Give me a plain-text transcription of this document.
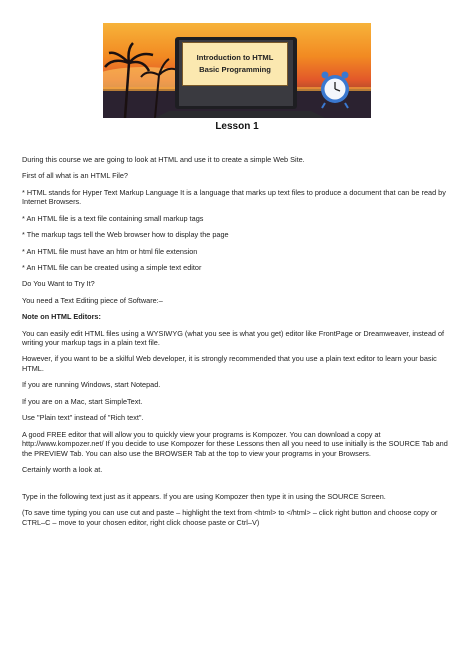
Introduction to HTML
Basic Programming
Lesson 1

During this course we are going to look at HTML and use it to create a simple Web Site.

First of all what is an HTML File?

* HTML stands for Hyper Text Markup Language It is a language that marks up text files to produce a document that can be read by Internet Browsers.

* An HTML file is a text file containing small markup tags

* The markup tags tell the Web browser how to display the page

* An HTML file must have an htm or html file extension

* An HTML file can be created using a simple text editor

Do You Want to Try It?

You need a Text Editing piece of Software:–

Note on HTML Editors:

You can easily edit HTML files using a WYSIWYG (what you see is what you get) editor like FrontPage or Dreamweaver, instead of writing your markup tags in a plain text file.

However, if you want to be a skilful Web developer, it is strongly recommended that you use a plain text editor to learn your basic HTML.

If you are running Windows, start Notepad.

If you are on a Mac, start SimpleText.

Use "Plain text" instead of "Rich text".

A good FREE editor that will allow you to quickly view your programs is Kompozer. You can download a copy at http://www.kompozer.net/ If you decide to use Kompozer for these Lessons then all you need to use initially is the SOURCE Tab and the PREVIEW Tab. You can also use the BROWSER Tab at the top to view your programs in your Browsers.

Certainly worth a look at.

Type in the following text just as it appears. If you are using Kompozer then type it in using the SOURCE Screen.

(To save time typing you can use cut and paste – highlight the text from <html> to </html> – click right button and choose copy or CTRL–C – move to your chosen editor, right click choose paste or Ctrl–V)
